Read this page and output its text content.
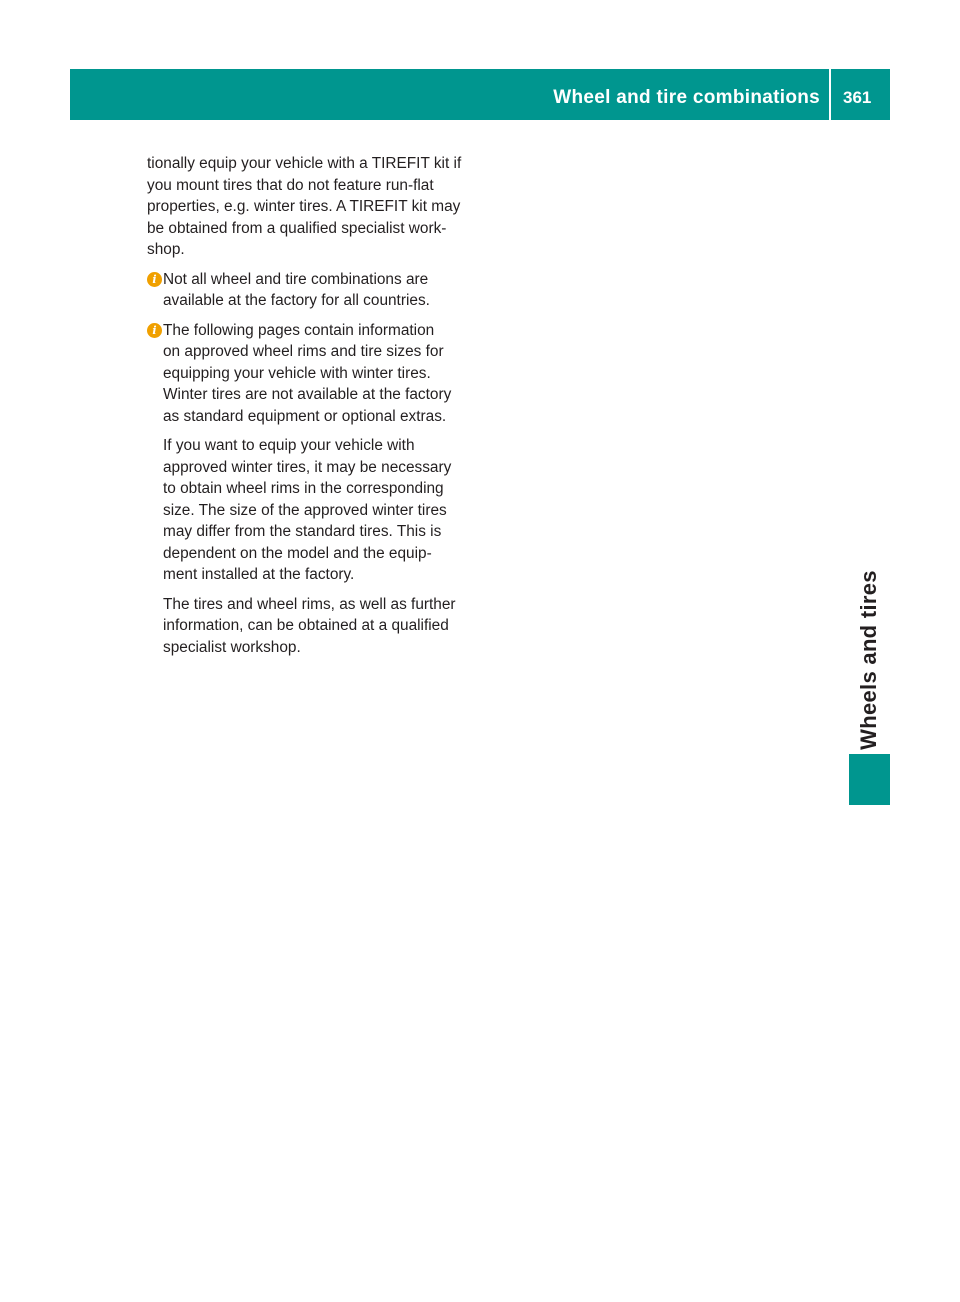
Wheel and tire combinations 361
Wheels and tires

tionally equip your vehicle with a TIREFIT kit if
you mount tires that do not feature run-flat
properties, e.g. winter tires. A TIREFIT kit may
be obtained from a qualified specialist work-
shop.

i Not all wheel and tire combinations are
available at the factory for all countries.

i The following pages contain information
on approved wheel rims and tire sizes for
equipping your vehicle with winter tires.
Winter tires are not available at the factory
as standard equipment or optional extras.

If you want to equip your vehicle with
approved winter tires, it may be necessary
to obtain wheel rims in the corresponding
size. The size of the approved winter tires
may differ from the standard tires. This is
dependent on the model and the equip-
ment installed at the factory.

The tires and wheel rims, as well as further
information, can be obtained at a qualified
specialist workshop.
